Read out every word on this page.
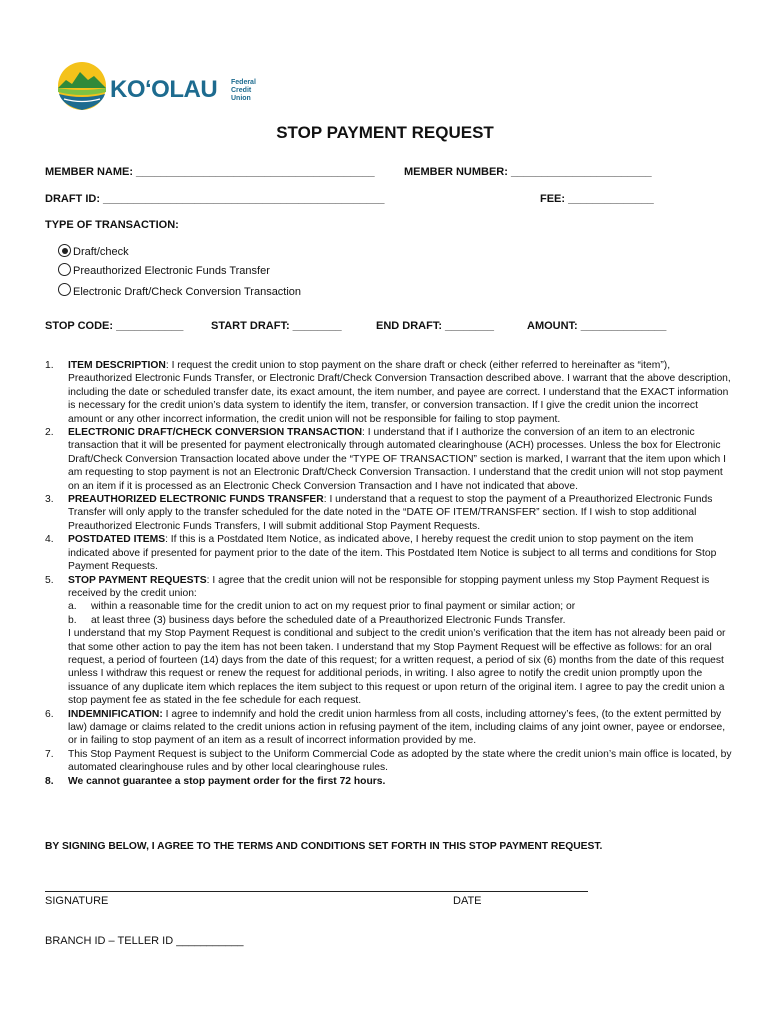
KOʻOLAU Federal
Credit
Union
STOP PAYMENT REQUEST
MEMBER NAME: _______________________________________	MEMBER NUMBER: _______________________
DRAFT ID: ______________________________________________	FEE: ______________
TYPE OF TRANSACTION:
Draft/check
Preauthorized Electronic Funds Transfer
Electronic Draft/Check Conversion Transaction
STOP CODE: ___________	START DRAFT: ________	END DRAFT: ________	AMOUNT: ______________
1. ITEM DESCRIPTION: I request the credit union to stop payment on the share draft or check (either referred to hereinafter as “item”), Preauthorized Electronic Funds Transfer, or Electronic Draft/Check Conversion Transaction described above. I warrant that the above description, including the date or scheduled transfer date, its exact amount, the item number, and payee are correct. I understand that the EXACT information is necessary for the credit union’s data system to identify the item, transfer, or conversion transaction. If I give the credit union the incorrect amount or any other incorrect information, the credit union will not be responsible for failing to stop payment.
2. ELECTRONIC DRAFT/CHECK CONVERSION TRANSACTION: I understand that if I authorize the conversion of an item to an electronic transaction that it will be presented for payment electronically through automated clearinghouse (ACH) processes. Unless the box for Electronic Draft/Check Conversion Transaction located above under the “TYPE OF TRANSACTION” section is marked, I warrant that the item upon which I am requesting to stop payment is not an Electronic Draft/Check Conversion Transaction. I understand that the credit union will not stop payment on an item if it is processed as an Electronic Check Conversion Transaction and I have not indicated that above.
3. PREAUTHORIZED ELECTRONIC FUNDS TRANSFER: I understand that a request to stop the payment of a Preauthorized Electronic Funds Transfer will only apply to the transfer scheduled for the date noted in the “DATE OF ITEM/TRANSFER” section. If I wish to stop additional Preauthorized Electronic Funds Transfers, I will submit additional Stop Payment Requests.
4. POSTDATED ITEMS: If this is a Postdated Item Notice, as indicated above, I hereby request the credit union to stop payment on the item indicated above if presented for payment prior to the date of the item. This Postdated Item Notice is subject to all terms and conditions for Stop Payment Requests.
5. STOP PAYMENT REQUESTS: I agree that the credit union will not be responsible for stopping payment unless my Stop Payment Request is received by the credit union:
a. within a reasonable time for the credit union to act on my request prior to final payment or similar action; or
b. at least three (3) business days before the scheduled date of a Preauthorized Electronic Funds Transfer.
I understand that my Stop Payment Request is conditional and subject to the credit union’s verification that the item has not already been paid or that some other action to pay the item has not been taken. I understand that my Stop Payment Request will be effective as follows: for an oral request, a period of fourteen (14) days from the date of this request; for a written request, a period of six (6) months from the date of this request unless I withdraw this request or renew the request for additional periods, in writing. I also agree to notify the credit union promptly upon the issuance of any duplicate item which replaces the item subject to this request or upon return of the original item. I agree to pay the credit union a stop payment fee as stated in the fee schedule for each request.
6. INDEMNIFICATION: I agree to indemnify and hold the credit union harmless from all costs, including attorney’s fees, (to the extent permitted by law) damage or claims related to the credit unions action in refusing payment of the item, including claims of any joint owner, payee or endorsee, or in failing to stop payment of an item as a result of incorrect information provided by me.
7. This Stop Payment Request is subject to the Uniform Commercial Code as adopted by the state where the credit union’s main office is located, by automated clearinghouse rules and by other local clearinghouse rules.
8. We cannot guarantee a stop payment order for the first 72 hours.
BY SIGNING BELOW, I AGREE TO THE TERMS AND CONDITIONS SET FORTH IN THIS STOP PAYMENT REQUEST.
SIGNATURE	DATE
BRANCH ID – TELLER ID ___________
